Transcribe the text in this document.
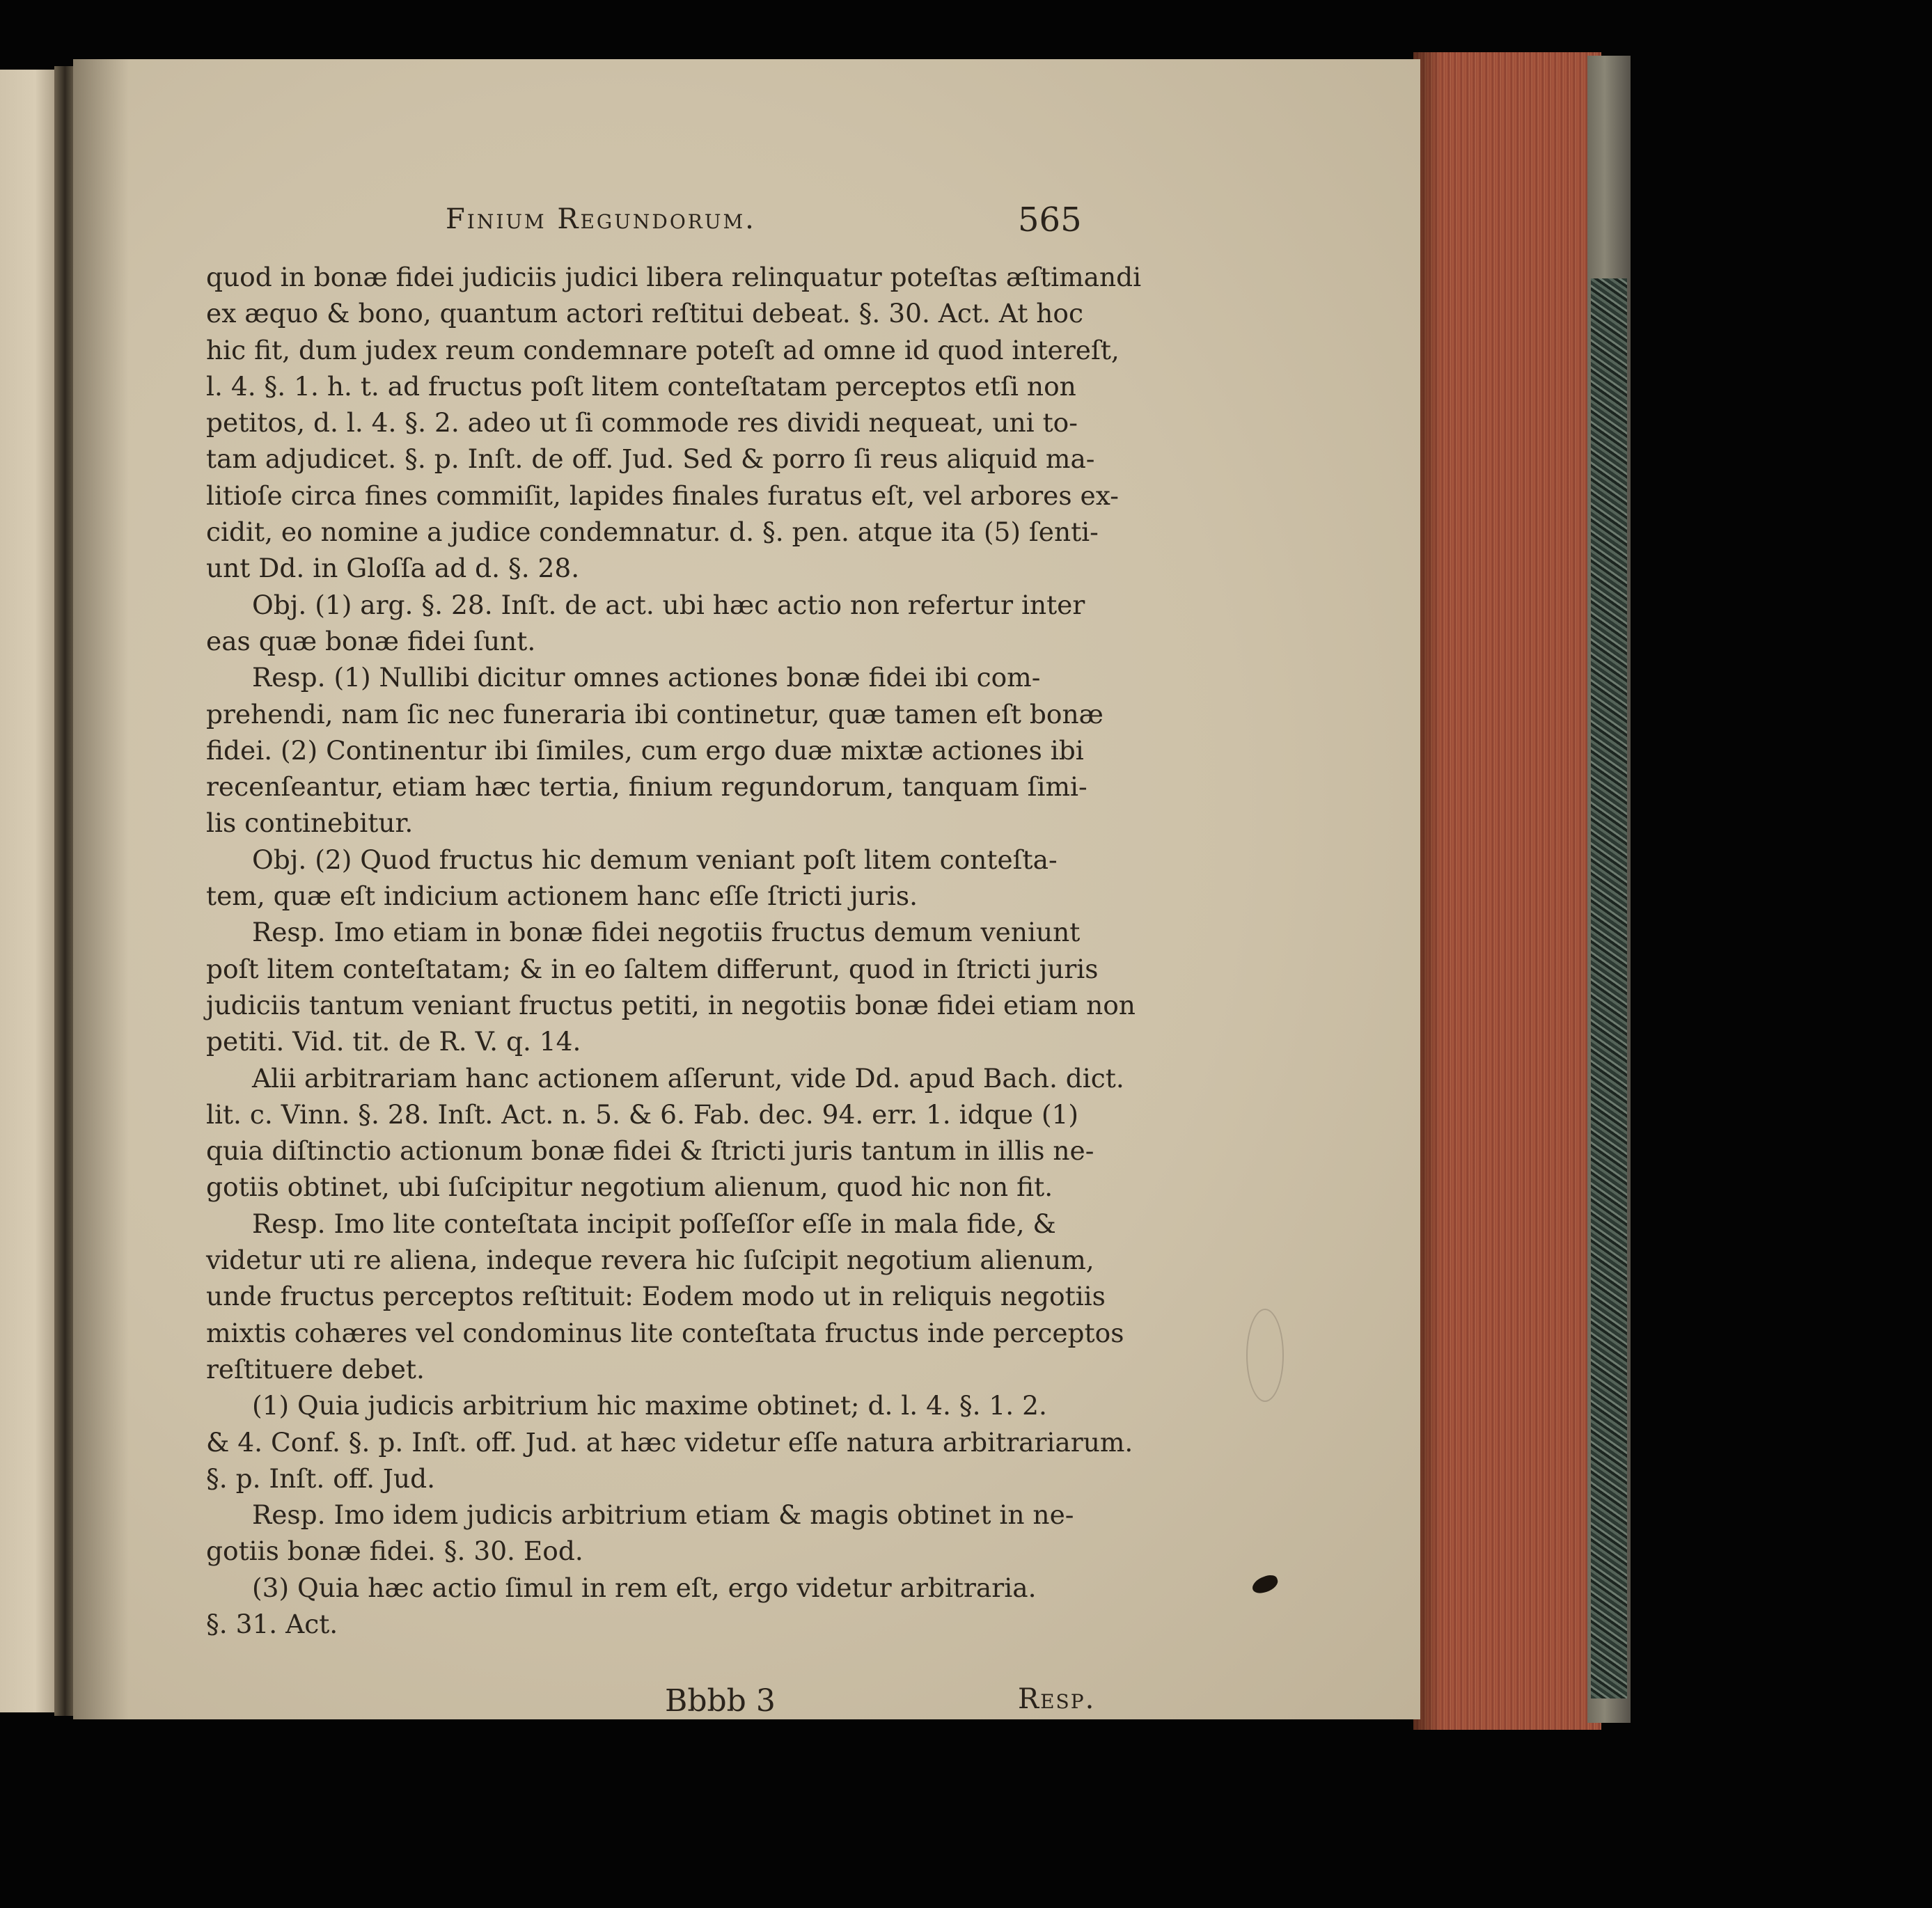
Finium Regundorum.	565
quod in bonæ fidei judiciis judici libera relinquatur poteſtas æſtimandi
ex æquo & bono, quantum actori reſtitui debeat. §. 30. Act. At hoc
hic fit, dum judex reum condemnare poteſt ad omne id quod intereſt,
l. 4. §. 1. h. t. ad fructus poſt litem conteſtatam perceptos etſi non
petitos, d. l. 4. §. 2. adeo ut ſi commode res dividi nequeat, uni to-
tam adjudicet. §. p. Inſt. de off. Jud. Sed & porro ſi reus aliquid ma-
litioſe circa fines commiſit, lapides finales furatus eſt, vel arbores ex-
cidit, eo nomine a judice condemnatur. d. §. pen. atque ita (5) ſenti-
unt Dd. in Gloſſa ad d. §. 28.
Obj. (1) arg. §. 28. Inſt. de act. ubi hæc actio non refertur inter
eas quæ bonæ fidei ſunt.
Resp. (1) Nullibi dicitur omnes actiones bonæ fidei ibi com-
prehendi, nam ſic nec funeraria ibi continetur, quæ tamen eſt bonæ
fidei. (2) Continentur ibi ſimiles, cum ergo duæ mixtæ actiones ibi
recenſeantur, etiam hæc tertia, finium regundorum, tanquam ſimi-
lis continebitur.
Obj. (2) Quod fructus hic demum veniant poſt litem conteſta-
tem, quæ eſt indicium actionem hanc eſſe ſtricti juris.
Resp. Imo etiam in bonæ fidei negotiis fructus demum veniunt
poſt litem conteſtatam; & in eo ſaltem differunt, quod in ſtricti juris
judiciis tantum veniant fructus petiti, in negotiis bonæ fidei etiam non
petiti. Vid. tit. de R. V. q. 14.
Alii arbitrariam hanc actionem aſſerunt, vide Dd. apud Bach. dict.
lit. c. Vinn. §. 28. Inſt. Act. n. 5. & 6. Fab. dec. 94. err. 1. idque (1)
quia diſtinctio actionum bonæ fidei & ſtricti juris tantum in illis ne-
gotiis obtinet, ubi ſuſcipitur negotium alienum, quod hic non fit.
Resp. Imo lite conteſtata incipit poſſeſſor eſſe in mala fide, &
videtur uti re aliena, indeque revera hic ſuſcipit negotium alienum,
unde fructus perceptos reſtituit: Eodem modo ut in reliquis negotiis
mixtis cohæres vel condominus lite conteſtata fructus inde perceptos
reſtituere debet.
(1) Quia judicis arbitrium hic maxime obtinet; d. l. 4. §. 1. 2.
& 4. Conf. §. p. Inſt. off. Jud. at hæc videtur eſſe natura arbitrariarum.
§. p. Inſt. off. Jud.
Resp. Imo idem judicis arbitrium etiam & magis obtinet in ne-
gotiis bonæ fidei. §. 30. Eod.
(3) Quia hæc actio ſimul in rem eſt, ergo videtur arbitraria.
§. 31. Act.
Bbbb 3	Resp.
